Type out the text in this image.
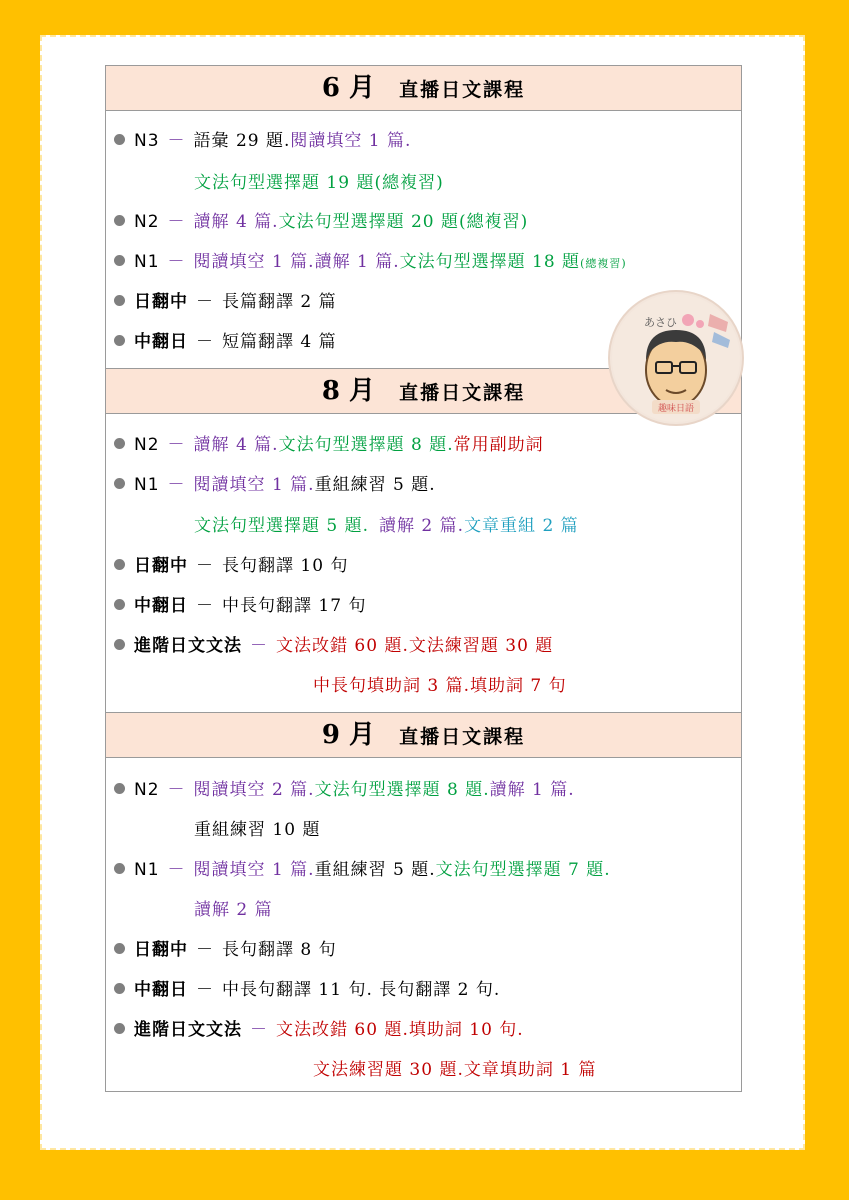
6 月 直播日文課程
N3 － 語彙 29 題.閱讀填空 1 篇.
文法句型選擇題 19 題(總複習)
N2 － 讀解 4 篇.文法句型選擇題 20 題(總複習)
N1 － 閱讀填空 1 篇.讀解 1 篇.文法句型選擇題 18 題(總複習)
日翻中 － 長篇翻譯 2 篇
中翻日 － 短篇翻譯 4 篇
8 月 直播日文課程
N2 － 讀解 4 篇.文法句型選擇題 8 題.常用副助詞
N1 － 閱讀填空 1 篇.重組練習 5 題.
文法句型選擇題 5 題. 讀解 2 篇.文章重組 2 篇
日翻中 － 長句翻譯 10 句
中翻日 － 中長句翻譯 17 句
進階日文文法 － 文法改錯 60 題.文法練習題 30 題
中長句填助詞 3 篇.填助詞 7 句
9 月 直播日文課程
N2 － 閱讀填空 2 篇.文法句型選擇題 8 題.讀解 1 篇.
重組練習 10 題
N1 － 閱讀填空 1 篇.重組練習 5 題.文法句型選擇題 7 題.
讀解 2 篇
日翻中 － 長句翻譯 8 句
中翻日 － 中長句翻譯 11 句. 長句翻譯 2 句.
進階日文文法 － 文法改錯 60 題.填助詞 10 句.
文法練習題 30 題.文章填助詞 1 篇
あさひ
趣味日語
